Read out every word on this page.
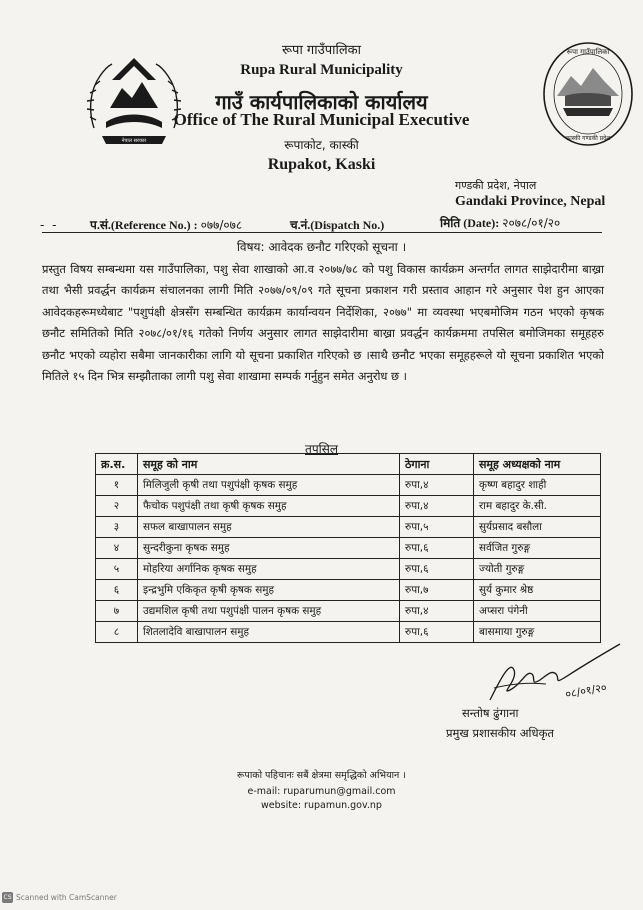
नेपाल सरकार
रूपा गाउँपालिका
कास्की गण्डकी प्रदेश
रूपा गाउँपालिका
Rupa Rural Municipality
गाउँ कार्यपालिकाको कार्यालय
Office of The Rural Municipal Executive
रूपाकोट, कास्की
Rupakot, Kaski
गण्डकी प्रदेश, नेपाल
Gandaki Province, Nepal
- -	प.सं.(Reference No.) : ०७७/०७८	च.नं.(Dispatch No.)	मिति (Date): २०७८/०१/२०
विषय: आवेदक छनौट गरिएको सूचना ।
प्रस्तुत विषय सम्बन्धमा यस गाउँपालिका, पशु सेवा शाखाको आ.व २०७७/७८ को पशु विकास कार्यक्रम अन्तर्गत लागत साझेदारीमा बाख्रा तथा भैसी प्रवर्द्धन कार्यक्रम संचालनका लागी मिति २०७७/०९/०९ गते सूचना प्रकाशन गरी प्रस्ताव आहान गरे अनुसार पेश हुन आएका आवेदकहरूमध्येबाट "पशुपंक्षी क्षेत्रसँग सम्बन्धित कार्यक्रम कार्यान्वयन निर्देशिका, २०७७" मा व्यवस्था भएबमोजिम गठन भएको कृषक छनौट समितिको मिति २०७८/०१/१६ गतेको निर्णय अनुसार लागत साझेदारीमा बाख्रा प्रवर्द्धन कार्यक्रममा तपसिल बमोजिमका समूहहरु छनौट भएको व्यहोरा सबैमा जानकारीका लागि यो सूचना प्रकाशित गरिएको छ ।साथै छनौट भएका समूहहरूले यो सूचना प्रकाशित भएको मितिले १५ दिन भित्र सम्झौताका लागी पशु सेवा शाखामा सम्पर्क गर्नुहुन समेत अनुरोध छ ।
तपसिल
क्र.स.	समूह को नाम	ठेगाना	समूह अध्यक्षको नाम
१	मिलिजुली कृषी तथा पशुपंक्षी कृषक समुह	रुपा,४	कृष्ण बहादुर शाही
२	फैचोक पशुपंक्षी तथा कृषी कृषक समुह	रुपा,४	राम बहादुर के.सी.
३	सफल बाखापालन समुह	रुपा,५	सुर्यप्रसाद बसौला
४	सुन्दरीकुना कृषक समुह	रुपा,६	सर्वजित गुरुङ्ग
५	मोहरिया अर्गानिक कृषक समुह	रुपा,६	ज्योती गुरुङ्ग
६	इन्द्रभुमि एकिकृत कृषी कृषक समुह	रुपा,७	सुर्य कुमार श्रेष्ठ
७	उद्यमशिल कृषी तथा पशुपंक्षी पालन कृषक समुह	रुपा,४	अप्सरा पंगेनी
८	शितलादेवि बाखापालन समुह	रुपा,६	बासमाया गुरुङ्ग
०८/०१/२०
सन्तोष ढुंगाना
प्रमुख प्रशासकीय अधिकृत
रूपाको पहिचानः सबैं क्षेत्रमा समृद्धिको अभियान ।
e-mail: ruparumun@gmail.com
website: rupamun.gov.np
CS Scanned with CamScanner
